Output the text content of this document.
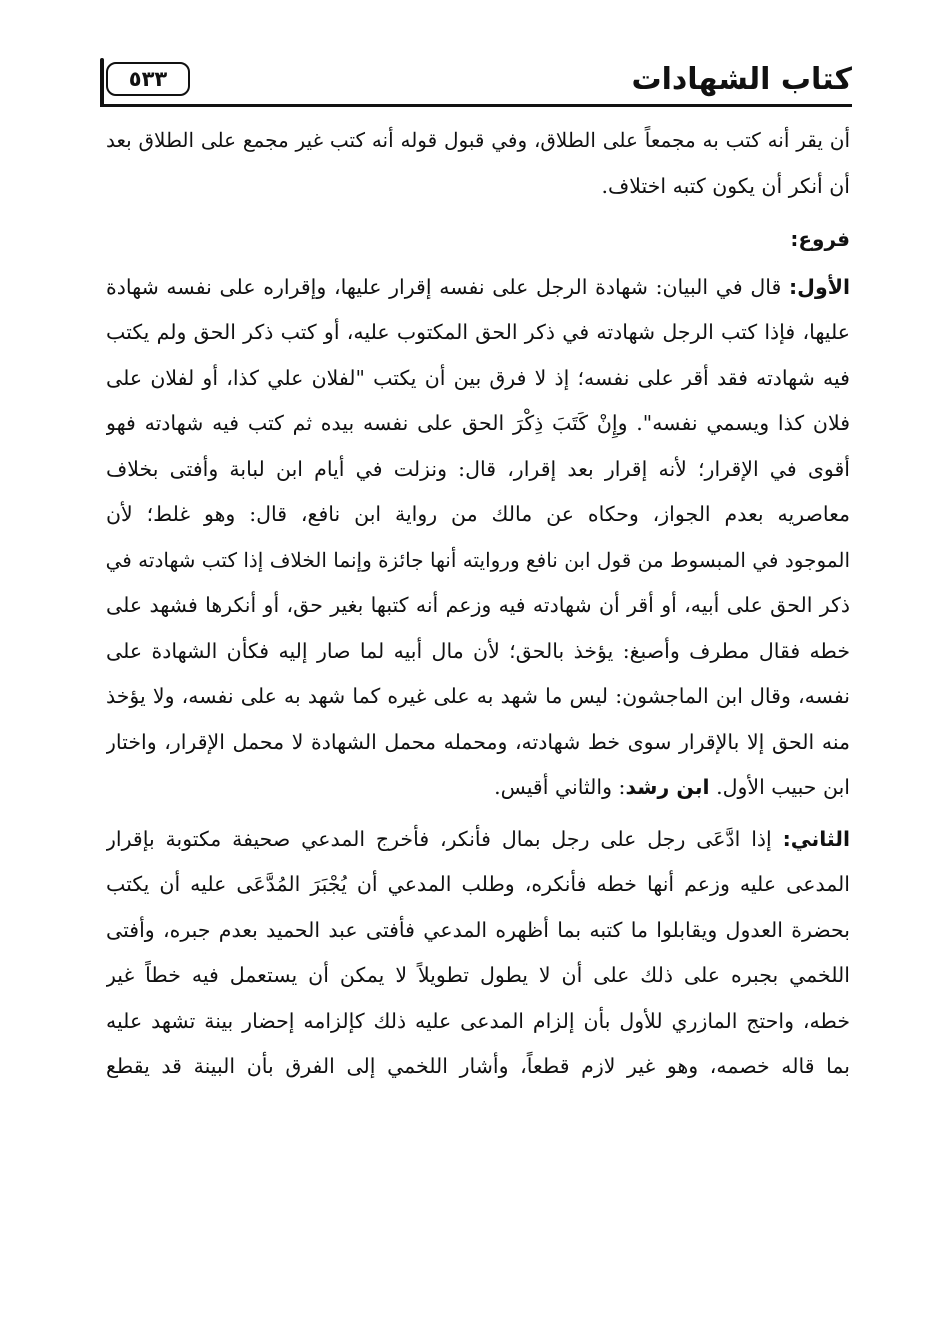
كتاب الشهادات
٥٣٣
أن يقر أنه كتب به مجمعاً على الطلاق، وفي قبول قوله أنه كتب غير مجمع على الطلاق بعد
أن أنكر أن يكون كتبه اختلاف.
فروع:
الأول: قال في البيان: شهادة الرجل على نفسه إقرار عليها، وإقراره على نفسه شهادة
عليها، فإذا كتب الرجل شهادته في ذكر الحق المكتوب عليه، أو كتب ذكر الحق ولم يكتب
فيه شهادته فقد أقر على نفسه؛ إذ لا فرق بين أن يكتب "لفلان علي كذا، أو لفلان على
فلان كذا ويسمي نفسه". وإِنْ كَتَبَ ذِكْرَ الحق على نفسه بيده ثم كتب فيه شهادته فهو
أقوى في الإقرار؛ لأنه إقرار بعد إقرار، قال: ونزلت في أيام ابن لبابة وأفتى بخلاف
معاصريه بعدم الجواز، وحكاه عن مالك من رواية ابن نافع، قال: وهو غلط؛ لأن
الموجود في المبسوط من قول ابن نافع وروايته أنها جائزة وإنما الخلاف إذا كتب شهادته في
ذكر الحق على أبيه، أو أقر أن شهادته فيه وزعم أنه كتبها بغير حق، أو أنكرها فشهد على
خطه فقال مطرف وأصبغ: يؤخذ بالحق؛ لأن مال أبيه لما صار إليه فكأن الشهادة على
نفسه، وقال ابن الماجشون: ليس ما شهد به على غيره كما شهد به على نفسه، ولا يؤخذ
منه الحق إلا بالإقرار سوى خط شهادته، ومحمله محمل الشهادة لا محمل الإقرار، واختار
ابن حبيب الأول. ابن رشد: والثاني أقيس.
الثاني: إذا ادَّعَى رجل على رجل بمال فأنكر، فأخرج المدعي صحيفة مكتوبة بإقرار
المدعى عليه وزعم أنها خطه فأنكره، وطلب المدعي أن يُجْبَرَ المُدَّعَى عليه أن يكتب
بحضرة العدول ويقابلوا ما كتبه بما أظهره المدعي فأفتى عبد الحميد بعدم جبره، وأفتى
اللخمي بجبره على ذلك على أن لا يطول تطويلاً لا يمكن أن يستعمل فيه خطاً غير
خطه، واحتج المازري للأول بأن إلزام المدعى عليه ذلك كإلزامه إحضار بينة تشهد عليه
بما قاله خصمه، وهو غير لازم قطعاً، وأشار اللخمي إلى الفرق بأن البينة قد يقطع
